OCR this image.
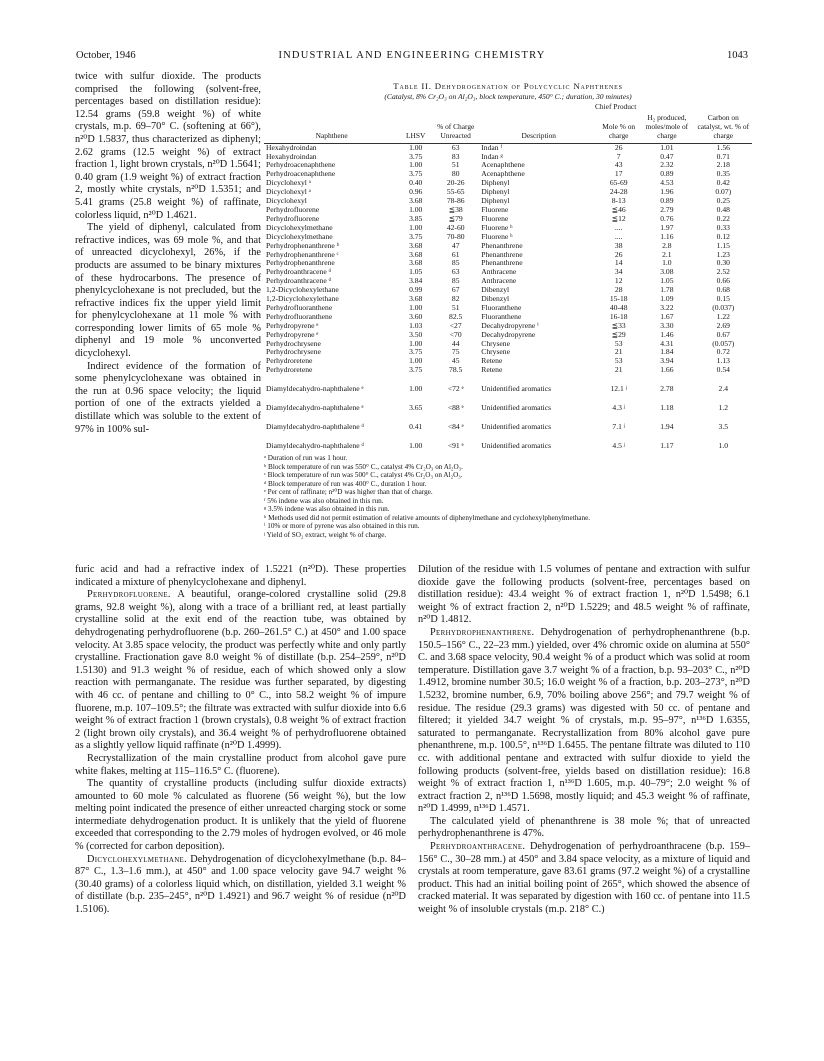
October, 1946	INDUSTRIAL AND ENGINEERING CHEMISTRY	1043

twice with sulfur dioxide. The products comprised the following (solvent-free, percentages based on distillation residue): 12.54 grams (59.8 weight %) of white crystals, m.p. 69–70° C. (softening at 66°), n²⁰D 1.5837, thus characterized as diphenyl; 2.62 grams (12.5 weight %) of extract fraction 1, light brown crystals, n²⁰D 1.5641; 0.40 gram (1.9 weight %) of extract fraction 2, mostly white crystals, n²⁰D 1.5351; and 5.41 grams (25.8 weight %) of raffinate, colorless liquid, n²⁰D 1.4621.

The yield of diphenyl, calculated from refractive indices, was 69 mole %, and that of unreacted dicyclohexyl, 26%, if the products are assumed to be binary mixtures of these hydrocarbons. The presence of phenylcyclohexane is not precluded, but the refractive indices fix the upper yield limit for phenylcyclohexane at 11 mole % with corresponding lower limits of 65 mole % diphenyl and 19 mole % unconverted dicyclohexyl.

Indirect evidence of the formation of some phenylcyclohexane was obtained in the run at 0.96 space velocity; the liquid portion of one of the extracts yielded a distillate which was soluble to the extent of 97% in 100% sul-

Table II. Dehydrogenation of Polycyclic Naphthenes
(Catalyst, 8% Cr₂O₃ on Al₂O₃, block temperature, 450° C.; duration, 30 minutes)
			Chief Product			
Naphthene	LHSV	% of Charge Unreacted	Description	Mole % on charge	H₂ produced, moles/mole of charge	Carbon on catalyst, wt. % of charge
Hexahydroindan	1.00	63	Indan ᶠ	26	1.01	1.56
Hexahydroindan	3.75	83	Indan ᵍ	7	0.47	0.71
Perhydroacenaphthene	1.00	51	Acenaphthene	43	2.32	2.18
Perhydroacenaphthene	3.75	80	Acenaphthene	17	0.89	0.35
Dicyclohexyl ᵃ	0.40	20-26	Diphenyl	65-69	4.53	0.42
Dicyclohexyl ᵃ	0.96	55-65	Diphenyl	24-28	1.96	0.07)
Dicyclohexyl	3.68	78-86	Diphenyl	8-13	0.89	0.25
Perhydrofluorene	1.00	≦38	Fluorene	≦46	2.79	0.48
Perhydrofluorene	3.85	≦79	Fluorene	≦12	0.76	0.22
Dicyclohexylmethane	1.00	42-60	Fluorene ʰ	....	1.97	0.33
Dicyclohexylmethane	3.75	70-80	Fluorene ʰ	....	1.16	0.12
Perhydrophenanthrene ᵇ	3.68	47	Phenanthrene	38	2.8	1.15
Perhydrophenanthrene ᶜ	3.68	61	Phenanthrene	26	2.1	1.23
Perhydrophenanthrene	3.68	85	Phenanthrene	14	1.0	0.30
Perhydroanthracene ᵈ	1.05	63	Anthracene	34	3.08	2.52
Perhydroanthracene ᵈ	3.84	85	Anthracene	12	1.05	0.66
1,2-Dicyclohexylethane	0.99	67	Dibenzyl	28	1.78	0.68
1,2-Dicyclohexylethane	3.68	82	Dibenzyl	15-18	1.09	0.15
Perhydrofluoranthene	1.00	51	Fluoranthene	40-48	3.22	(0.037)
Perhydrofluoranthene	3.60	82.5	Fluoranthene	16-18	1.67	1.22
Perhydropyrene ᵉ	1.03	<27	Decahydropyrene ⁱ	≦33	3.30	2.69
Perhydropyrene ᵉ	3.50	<70	Decahydropyrene	≦29	1.46	0.67
Perhydrochrysene	1.00	44	Chrysene	53	4.31	(0.057)
Perhydrochrysene	3.75	75	Chrysene	21	1.84	0.72
Perhydroretene	1.00	45	Retene	53	3.94	1.13
Perhydroretene	3.75	78.5	Retene	21	1.66	0.54
Diamyldecahydro-naphthalene ᵉ	1.00	<72 ᵉ	Unidentified aromatics	12.1 ʲ	2.78	2.4
Diamyldecahydro-naphthalene ᵉ	3.65	<88 ᵉ	Unidentified aromatics	4.3 ʲ	1.18	1.2
Diamyldecahydro-naphthalene ᵈ	0.41	<84 ᵉ	Unidentified aromatics	7.1 ʲ	1.94	3.5
Diamyldecahydro-naphthalene ᵈ	1.00	<91 ᵉ	Unidentified aromatics	4.5 ʲ	1.17	1.0
ᵃ Duration of run was 1 hour.
ᵇ Block temperature of run was 550° C., catalyst 4% Cr₂O₃ on Al₂O₃.
ᶜ Block temperature of run was 500° C., catalyst 4% Cr₂O₃ on Al₂O₃.
ᵈ Block temperature of run was 400° C., duration 1 hour.
ᵉ Per cent of raffinate; n²⁰D was higher than that of charge.
ᶠ 5% indene was also obtained in this run.
ᵍ 3.5% indene was also obtained in this run.
ʰ Methods used did not permit estimation of relative amounts of diphenylmethane and cyclohexylphenylmethane.
ⁱ 10% or more of pyrene was also obtained in this run.
ʲ Yield of SO₂ extract, weight % of charge.

furic acid and had a refractive index of 1.5221 (n²⁰D). These properties indicated a mixture of phenylcyclohexane and diphenyl.

Perhydrofluorene. A beautiful, orange-colored crystalline solid (29.8 grams, 92.8 weight %), along with a trace of a brilliant red, at least partially crystalline solid at the exit end of the reaction tube, was obtained by dehydrogenating perhydrofluorene (b.p. 260–261.5° C.) at 450° and 1.00 space velocity. At 3.85 space velocity, the product was perfectly white and only partly crystalline. Fractionation gave 8.0 weight % of distillate (b.p. 254–259°, n²⁰D 1.5130) and 91.3 weight % of residue, each of which showed only a slow reaction with permanganate. The residue was further separated, by digesting with 46 cc. of pentane and chilling to 0° C., into 58.2 weight % of impure fluorene, m.p. 107–109.5°; the filtrate was extracted with sulfur dioxide into 6.6 weight % of extract fraction 1 (brown crystals), 0.8 weight % of extract fraction 2 (light brown oily crystals), and 36.4 weight % of perhydrofluorene obtained as a slightly yellow liquid raffinate (n²⁰D 1.4999).

Recrystallization of the main crystalline product from alcohol gave pure white flakes, melting at 115–116.5° C. (fluorene).

The quantity of crystalline products (including sulfur dioxide extracts) amounted to 60 mole % calculated as fluorene (56 weight %), but the low melting point indicated the presence of either unreacted charging stock or some intermediate dehydrogenation product. It is unlikely that the yield of fluorene exceeded that corresponding to the 2.79 moles of hydrogen evolved, or 46 mole % (corrected for carbon deposition).

Dicyclohexylmethane. Dehydrogenation of dicyclohexylmethane (b.p. 84–87° C., 1.3–1.6 mm.), at 450° and 1.00 space velocity gave 94.7 weight % (30.40 grams) of a colorless liquid which, on distillation, yielded 3.1 weight % of distillate (b.p. 235–245°, n²⁰D 1.4921) and 96.7 weight % of residue (n²⁰D 1.5106).

Dilution of the residue with 1.5 volumes of pentane and extraction with sulfur dioxide gave the following products (solvent-free, percentages based on distillation residue): 43.4 weight % of extract fraction 1, n²⁰D 1.5498; 6.1 weight % of extract fraction 2, n²⁰D 1.5229; and 48.5 weight % of raffinate, n²⁰D 1.4812.

Perhydrophenanthrene. Dehydrogenation of perhydrophenanthrene (b.p. 150.5–156° C., 22–23 mm.) yielded, over 4% chromic oxide on alumina at 550° C. and 3.68 space velocity, 90.4 weight % of a product which was solid at room temperature. Distillation gave 3.7 weight % of a fraction, b.p. 93–203° C., n²⁰D 1.4912, bromine number 30.5; 16.0 weight % of a fraction, b.p. 203–273°, n²⁰D 1.5232, bromine number, 6.9, 70% boiling above 256°; and 79.7 weight % of residue. The residue (29.3 grams) was digested with 50 cc. of pentane and filtered; it yielded 34.7 weight % of crystals, m.p. 95–97°, n¹³⁶D 1.6355, saturated to permanganate. Recrystallization from 80% alcohol gave pure phenanthrene, m.p. 100.5°, n¹³⁶D 1.6455. The pentane filtrate was diluted to 110 cc. with additional pentane and extracted with sulfur dioxide to yield the following products (solvent-free, yields based on distillation residue): 16.8 weight % of extract fraction 1, n¹³⁶D 1.605, m.p. 40–79°; 2.0 weight % of extract fraction 2, n¹³⁶D 1.5698, mostly liquid; and 45.3 weight % of raffinate, n²⁰D 1.4999, n¹³⁶D 1.4571.

The calculated yield of phenanthrene is 38 mole %; that of unreacted perhydrophenanthrene is 47%.

Perhydroanthracene. Dehydrogenation of perhydroanthracene (b.p. 159–156° C., 30–28 mm.) at 450° and 3.84 space velocity, as a mixture of liquid and crystals at room temperature, gave 83.61 grams (97.2 weight %) of a crystalline product. This had an initial boiling point of 265°, which showed the absence of cracked material. It was separated by digestion with 160 cc. of pentane into 11.5 weight % of insoluble crystals (m.p. 218° C.)
